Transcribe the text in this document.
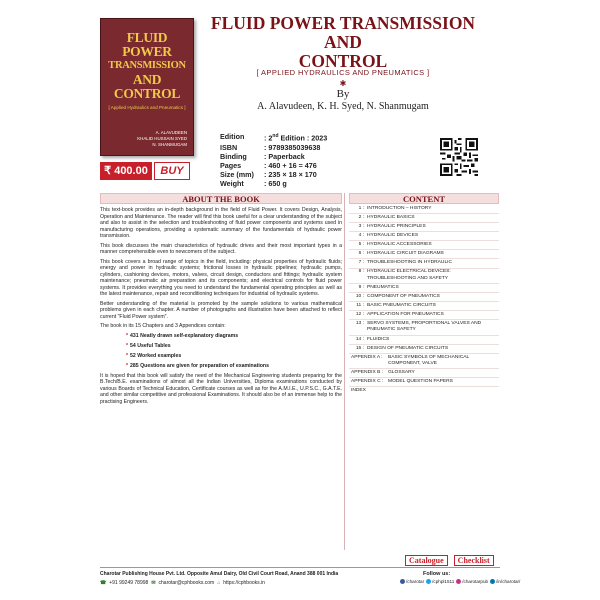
FLUID
POWER
TRANSMISSION
AND
CONTROL
[ Applied Hydraulics and Pneumatics ]
A. ALAVUDEEN
KHALID HUSSAIN SYED
N. SHANMUGAM
₹ 400.00	BUY
FLUID POWER TRANSMISSION
AND
CONTROL
[ APPLIED HYDRAULICS AND PNEUMATICS ]
✱
By
A. Alavudeen, K. H. Syed, N. Shanmugam
Edition	: 2nd Edition : 2023
ISBN	: 9789385039638
Binding	: Paperback
Pages	: 460 + 16 = 476
Size (mm)	: 235 × 18 × 170
Weight	: 650 g
ABOUT THE BOOK	CONTENT

This text-book provides an in-depth background in the field of Fluid Power. It covers Design, Analysis, Operation and Maintenance. The reader will find this book useful for a clear understanding of the subject and also to assist in the selection and troubleshooting of fluid power components and systems used in manufacturing operations, providing a systematic summary of the fundamentals of hydraulic power transmission.

This book discusses the main characteristics of hydraulic drives and their most important types in a manner comprehensible even to newcomers of the subject.

This book covers a broad range of topics in the field, including: physical properties of hydraulic fluids; energy and power in hydraulic systems; frictional losses in hydraulic pipelines; hydraulic pumps, cylinders, cushioning devices, motors, valves, circuit design, conductors and fittings; hydraulic system maintenance; pneumatic air preparation and its components; and electrical controls for fluid power systems. It provides everything you need to understand the fundamental operating principles as well as the latest maintenance, repair and reconditioning techniques for industrial oil hydraulic systems.

Better understanding of the material is promoted by the sample solutions to various mathematical problems given in each chapter. A number of photographs and illustration have been attached to reflect current "Fluid Power system".

The book in its 15 Chapters and 3 Appendices contain:

* 431 Neatly drawn self-explanatory diagrams
* 54 Useful Tables
* 52 Worked examples
* 285 Questions are given for preparation of examinations

It is hoped that this book will satisfy the need of the Mechanical Engineering students preparing for the B.Tech/B.E. examinations of almost all the Indian Universities, Diploma examinations conducted by various Boards of Technical Education, Certificate courses as well as for the A.M.I.E., U.P.S.C., G.A.T.E. and other similar competitive and professional Examinations. It should also be of an immense help to the practising Engineers.

1 : INTRODUCTION – HISTORY
2 : HYDRAULIC BASICS
3 : HYDRAULIC PRINCIPLES
4 : HYDRAULIC DEVICES
5 : HYDRAULIC ACCESSORIES
6 : HYDRAULIC CIRCUIT DIAGRAMS
7 : TROUBLESHOOTING IN HYDRAULIC
8 : HYDRAULIC ELECTRICAL DEVICES: TROUBLESHOOTING AND SAFETY
9 : PNEUMATICS
10 : COMPONENT OF PNEUMATICS
11 : BASIC PNEUMATIC CIRCUITS
12 : APPLICATION FOR PNEUMATICS
13 : SERVO SYSTEMS, PROPORTIONAL VALVES AND PNEUMATIC SAFETY
14 : FLUIDICS
15 : DESIGN OF PNEUMATIC CIRCUITS
APPENDIX A :	BASIC SYMBOLS OF MECHANICAL COMPONENT, VALVE
APPENDIX B :	GLOSSARY
APPENDIX C : MODEL QUESTION PAPERS
INDEX
Catalogue	Checklist
Charotar Publishing House Pvt. Ltd. Opposite Amul Dairy, Old Civil Court Road, Anand 388 001 India
☎ +91 99249 78998 ✉ charotar@cphbooks.com ⌂ https://cphbooks.in
Follow us:
/charotar /cphpl1511 /charotarpub /in/charotar/
